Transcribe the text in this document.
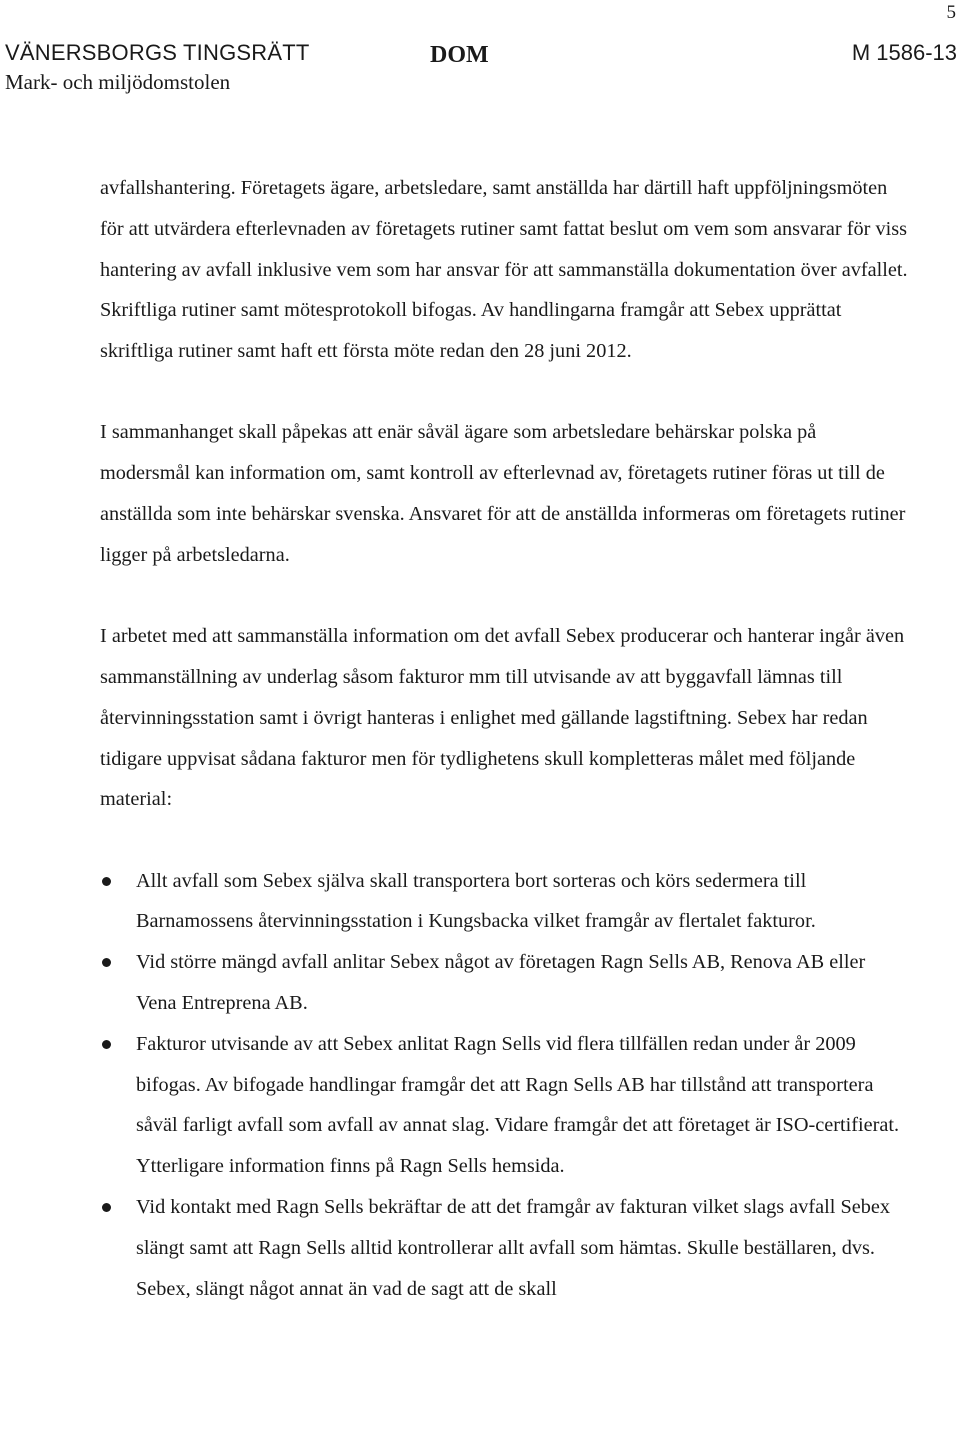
5
VÄNERSBORGS TINGSRÄTT
Mark- och miljödomstolen
DOM	M 1586-13

avfallshantering. Företagets ägare, arbetsledare, samt anställda har därtill haft uppföljningsmöten för att utvärdera efterlevnaden av företagets rutiner samt fattat beslut om vem som ansvarar för viss hantering av avfall inklusive vem som har ansvar för att sammanställa dokumentation över avfallet. Skriftliga rutiner samt mötesprotokoll bifogas. Av handlingarna framgår att Sebex upprättat skriftliga rutiner samt haft ett första möte redan den 28 juni 2012.

I sammanhanget skall påpekas att enär såväl ägare som arbetsledare behärskar polska på modersmål kan information om, samt kontroll av efterlevnad av, företagets rutiner föras ut till de anställda som inte behärskar svenska. Ansvaret för att de anställda informeras om företagets rutiner ligger på arbetsledarna.

I arbetet med att sammanställa information om det avfall Sebex producerar och hanterar ingår även sammanställning av underlag såsom fakturor mm till utvisande av att byggavfall lämnas till återvinningsstation samt i övrigt hanteras i enlighet med gällande lagstiftning. Sebex har redan tidigare uppvisat sådana fakturor men för tydlighetens skull kompletteras målet med följande material:

Allt avfall som Sebex själva skall transportera bort sorteras och körs sedermera till Barnamossens återvinningsstation i Kungsbacka vilket framgår av flertalet fakturor.
Vid större mängd avfall anlitar Sebex något av företagen Ragn Sells AB, Renova AB eller Vena Entreprena AB.
Fakturor utvisande av att Sebex anlitat Ragn Sells vid flera tillfällen redan under år 2009 bifogas. Av bifogade handlingar framgår det att Ragn Sells AB har tillstånd att transportera såväl farligt avfall som avfall av annat slag. Vidare framgår det att företaget är ISO-certifierat. Ytterligare information finns på Ragn Sells hemsida.
Vid kontakt med Ragn Sells bekräftar de att det framgår av fakturan vilket slags avfall Sebex slängt samt att Ragn Sells alltid kontrollerar allt avfall som hämtas. Skulle beställaren, dvs. Sebex, slängt något annat än vad de sagt att de skall
